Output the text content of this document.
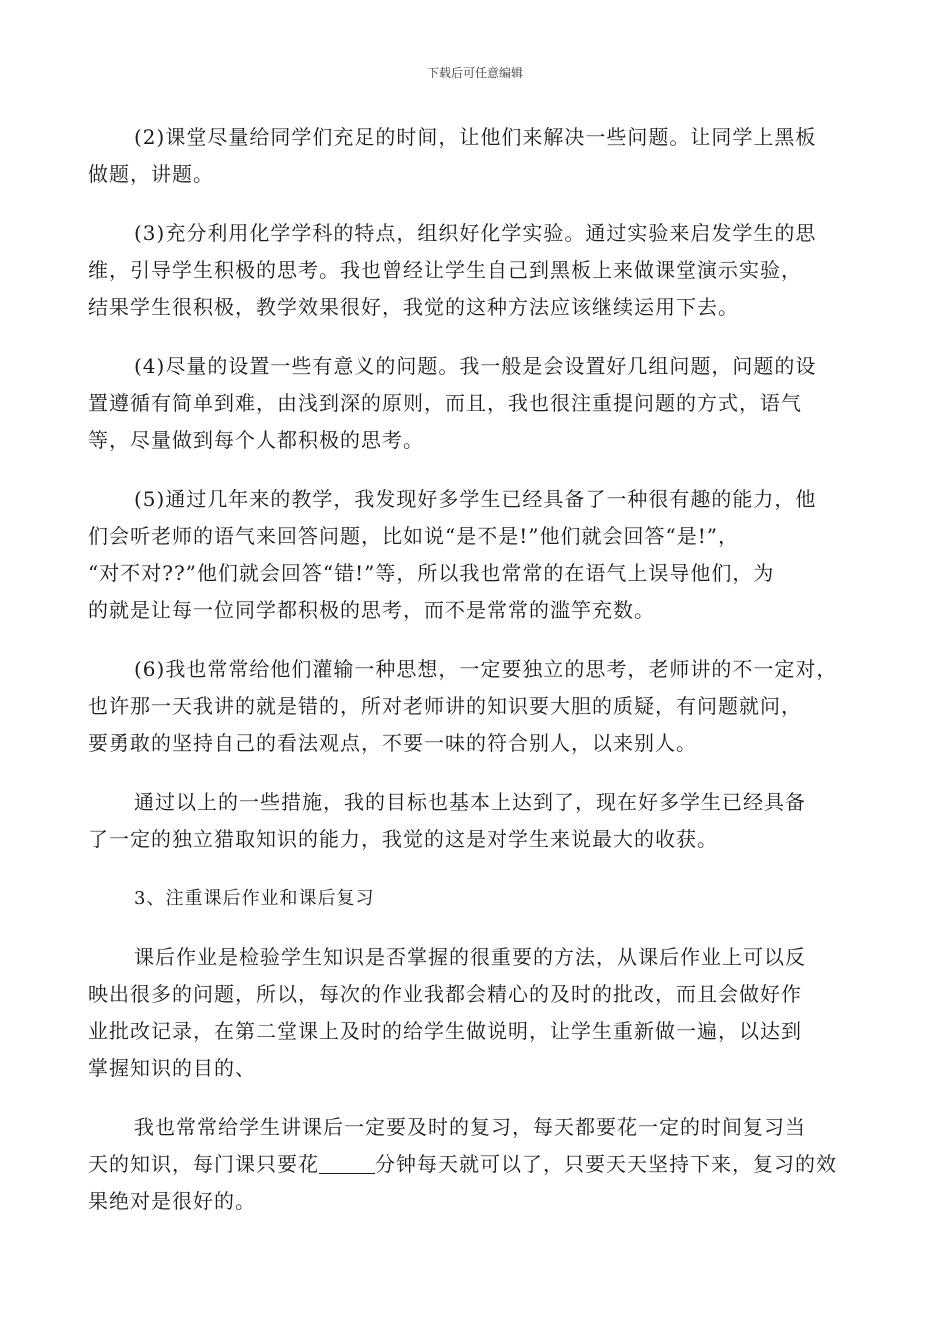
下载后可任意编辑
(2)课堂尽量给同学们充足的时间，让他们来解决一些问题。让同学上黑板
做题，讲题。
(3)充分利用化学学科的特点，组织好化学实验。通过实验来启发学生的思
维，引导学生积极的思考。我也曾经让学生自己到黑板上来做课堂演示实验，
结果学生很积极，教学效果很好，我觉的这种方法应该继续运用下去。
(4)尽量的设置一些有意义的问题。我一般是会设置好几组问题，问题的设
置遵循有简单到难，由浅到深的原则，而且，我也很注重提问题的方式，语气
等，尽量做到每个人都积极的思考。
(5)通过几年来的教学，我发现好多学生已经具备了一种很有趣的能力，他
们会听老师的语气来回答问题，比如说“是不是!”他们就会回答“是!”，
“对不对??”他们就会回答“错!”等，所以我也常常的在语气上误导他们，为
的就是让每一位同学都积极的思考，而不是常常的滥竽充数。
(6)我也常常给他们灌输一种思想，一定要独立的思考，老师讲的不一定对，
也许那一天我讲的就是错的，所对老师讲的知识要大胆的质疑，有问题就问，
要勇敢的坚持自己的看法观点，不要一味的符合别人，以来别人。
通过以上的一些措施，我的目标也基本上达到了，现在好多学生已经具备
了一定的独立猎取知识的能力，我觉的这是对学生来说最大的收获。
3、注重课后作业和课后复习
课后作业是检验学生知识是否掌握的很重要的方法，从课后作业上可以反
映出很多的问题，所以，每次的作业我都会精心的及时的批改，而且会做好作
业批改记录，在第二堂课上及时的给学生做说明，让学生重新做一遍，以达到
掌握知识的目的、
我也常常给学生讲课后一定要及时的复习，每天都要花一定的时间复习当
天的知识，每门课只要花	分钟每天就可以了，只要天天坚持下来，复习的效
果绝对是很好的。
